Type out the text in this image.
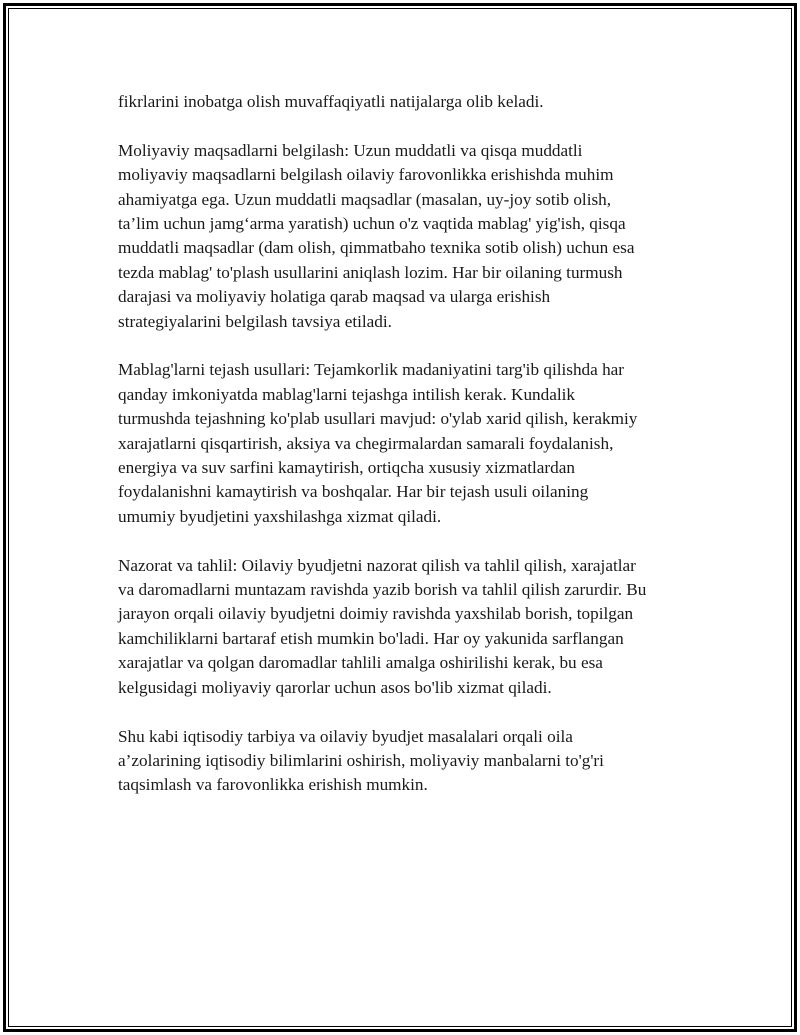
fikrlarini inobatga olish muvaffaqiyatli natijalarga olib keladi.

Moliyaviy maqsadlarni belgilash: Uzun muddatli va qisqa muddatli
moliyaviy maqsadlarni belgilash oilaviy farovonlikka erishishda muhim
ahamiyatga ega. Uzun muddatli maqsadlar (masalan, uy-joy sotib olish,
ta’lim uchun jamg‘arma yaratish) uchun o'z vaqtida mablag' yig'ish, qisqa
muddatli maqsadlar (dam olish, qimmatbaho texnika sotib olish) uchun esa
tezda mablag' to'plash usullarini aniqlash lozim. Har bir oilaning turmush
darajasi va moliyaviy holatiga qarab maqsad va ularga erishish
strategiyalarini belgilash tavsiya etiladi.

Mablag'larni tejash usullari: Tejamkorlik madaniyatini targ'ib qilishda har
qanday imkoniyatda mablag'larni tejashga intilish kerak. Kundalik
turmushda tejashning ko'plab usullari mavjud: o'ylab xarid qilish, kerakmiy
xarajatlarni qisqartirish, aksiya va chegirmalardan samarali foydalanish,
energiya va suv sarfini kamaytirish, ortiqcha xususiy xizmatlardan
foydalanishni kamaytirish va boshqalar. Har bir tejash usuli oilaning
umumiy byudjetini yaxshilashga xizmat qiladi.

Nazorat va tahlil: Oilaviy byudjetni nazorat qilish va tahlil qilish, xarajatlar
va daromadlarni muntazam ravishda yazib borish va tahlil qilish zarurdir. Bu
jarayon orqali oilaviy byudjetni doimiy ravishda yaxshilab borish, topilgan
kamchiliklarni bartaraf etish mumkin bo'ladi. Har oy yakunida sarflangan
xarajatlar va qolgan daromadlar tahlili amalga oshirilishi kerak, bu esa
kelgusidagi moliyaviy qarorlar uchun asos bo'lib xizmat qiladi.

Shu kabi iqtisodiy tarbiya va oilaviy byudjet masalalari orqali oila
a’zolarining iqtisodiy bilimlarini oshirish, moliyaviy manbalarni to'g'ri
taqsimlash va farovonlikka erishish mumkin.
